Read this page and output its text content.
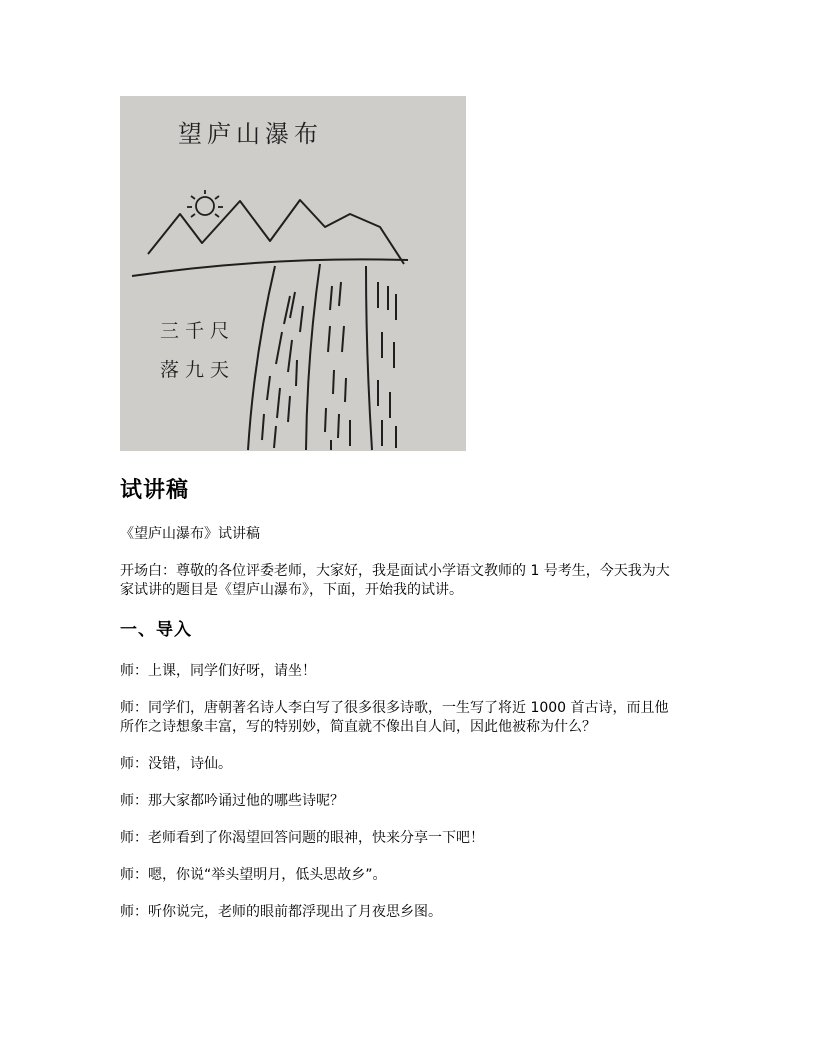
望庐山瀑布
三千尺
落九天
试讲稿

《望庐山瀑布》试讲稿

开场白：尊敬的各位评委老师，大家好，我是面试小学语文教师的 1 号考生，今天我为大家试讲的题目是《望庐山瀑布》，下面，开始我的试讲。

一、导入

师：上课，同学们好呀，请坐！

师：同学们，唐朝著名诗人李白写了很多很多诗歌，一生写了将近 1000 首古诗，而且他所作之诗想象丰富，写的特别妙，简直就不像出自人间，因此他被称为什么？

师：没错，诗仙。

师：那大家都吟诵过他的哪些诗呢？

师：老师看到了你渴望回答问题的眼神，快来分享一下吧！

师：嗯，你说“举头望明月，低头思故乡”。

师：听你说完，老师的眼前都浮现出了月夜思乡图。
